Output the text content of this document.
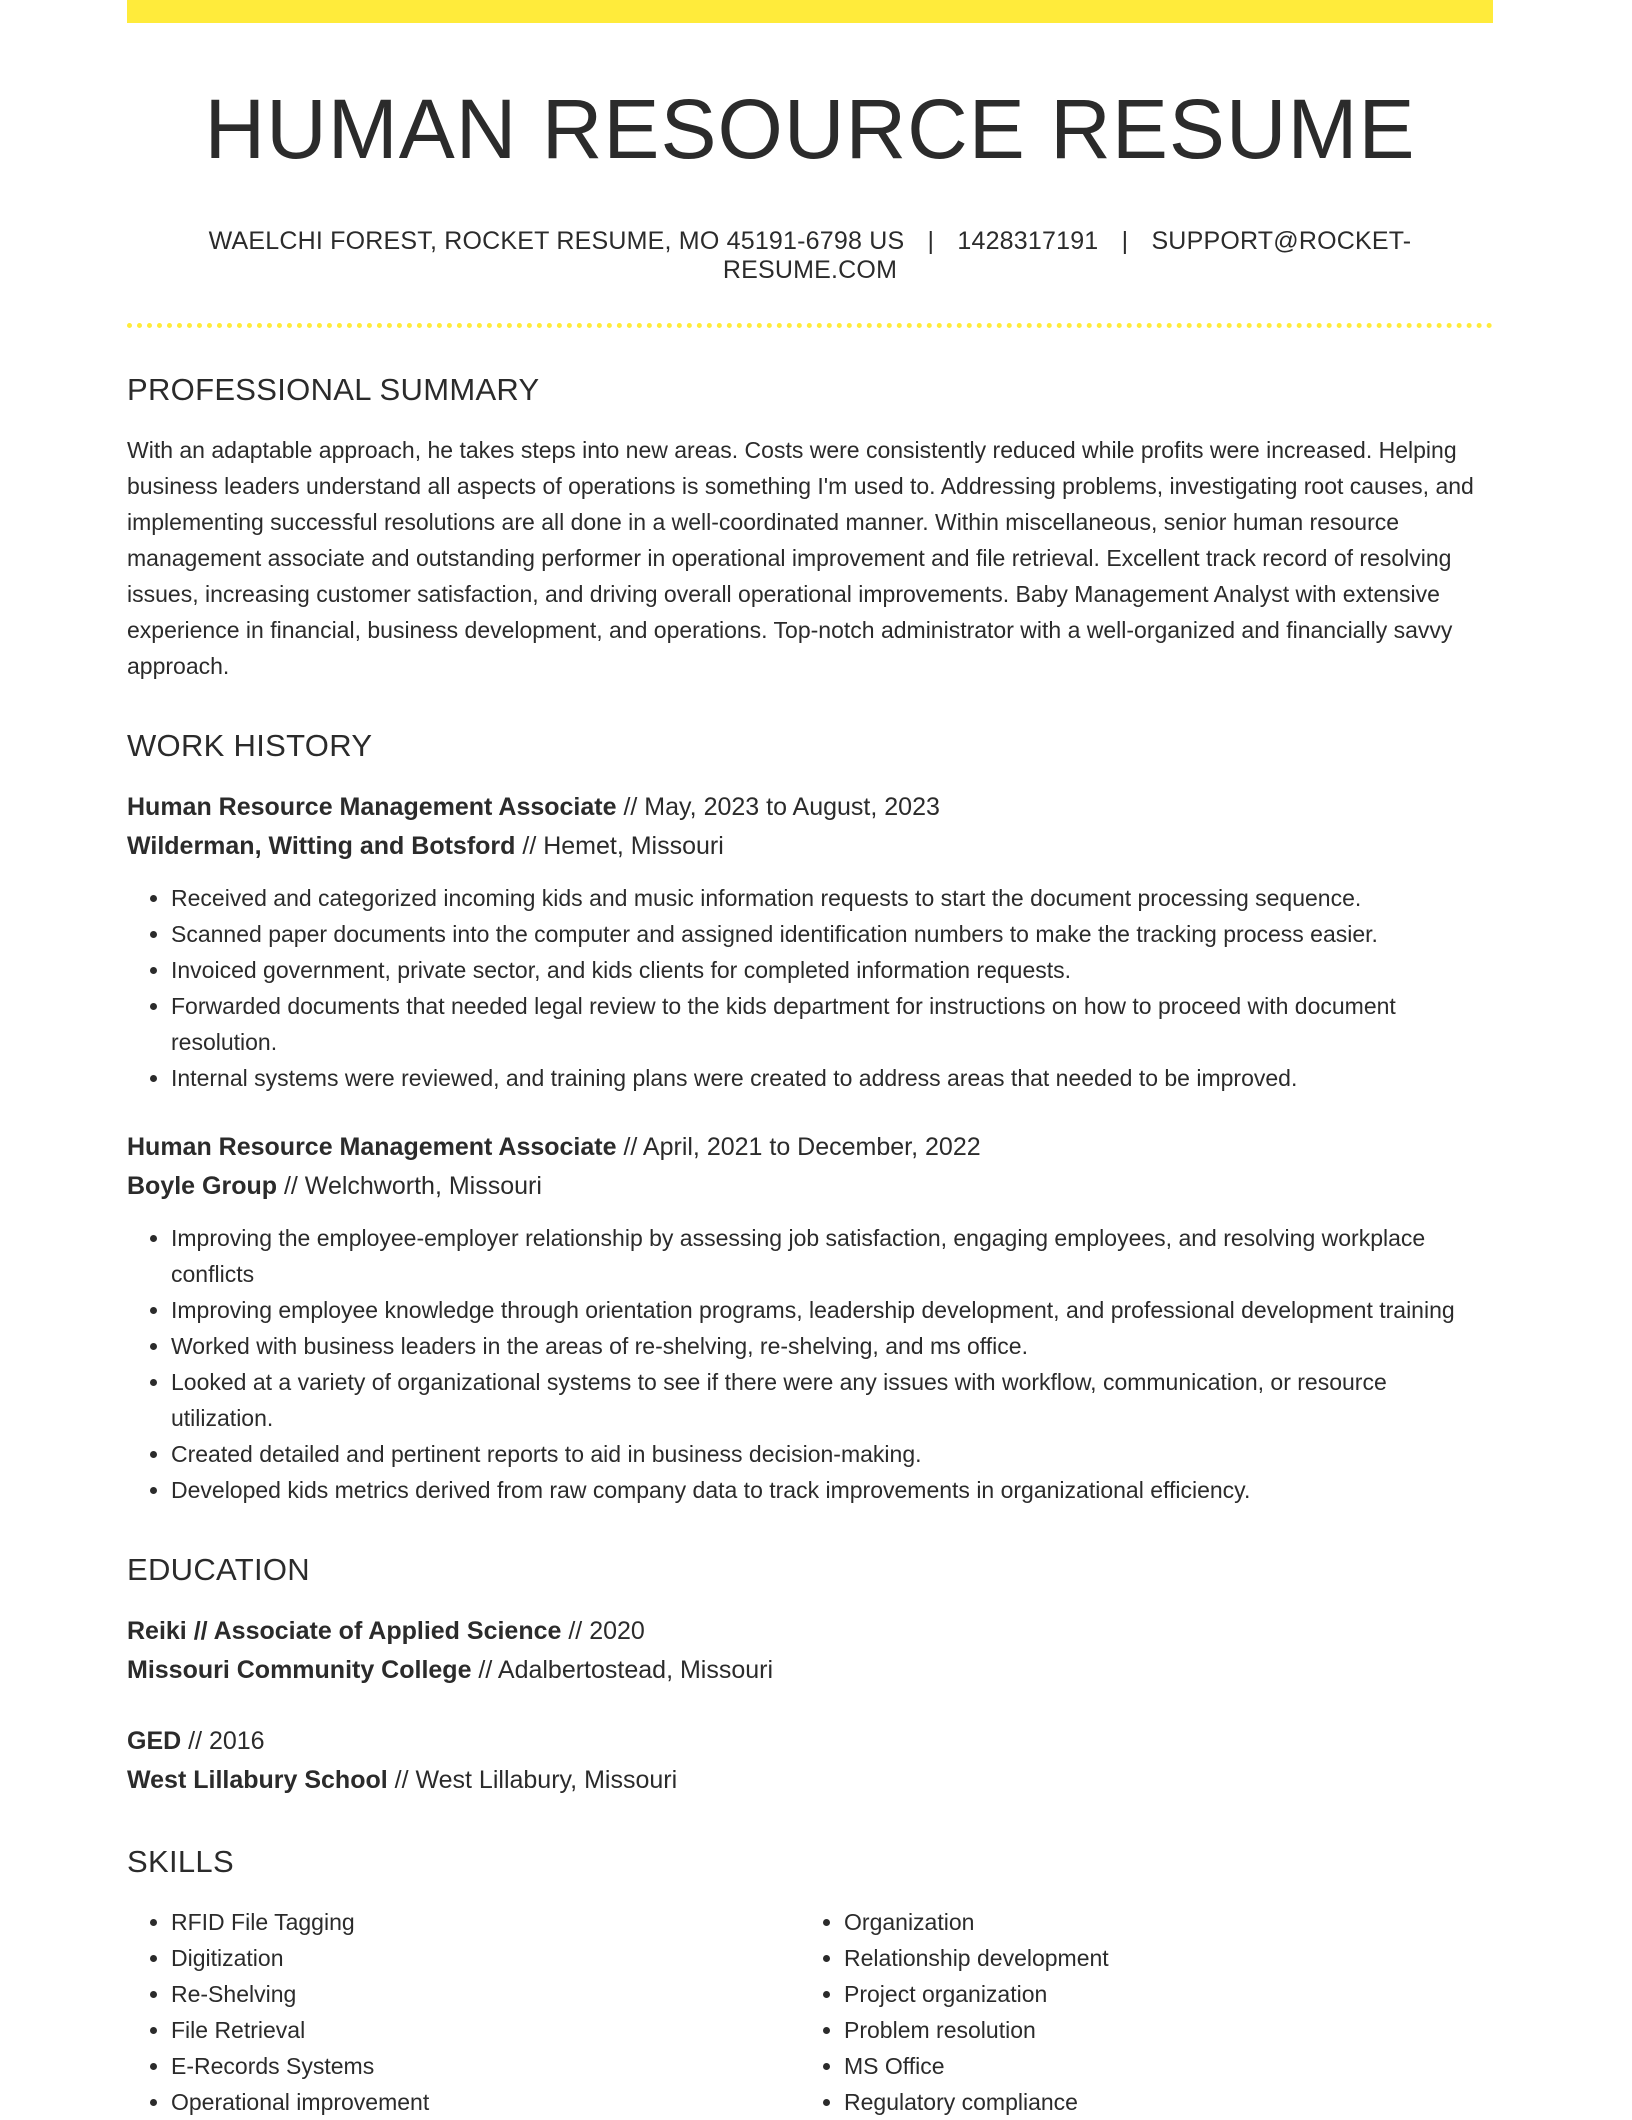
HUMAN RESOURCE RESUME
WAELCHI FOREST, ROCKET RESUME, MO 45191-6798 US | 1428317191 | SUPPORT@ROCKET-RESUME.COM
PROFESSIONAL SUMMARY

With an adaptable approach, he takes steps into new areas. Costs were consistently reduced while profits were increased. Helping business leaders understand all aspects of operations is something I'm used to. Addressing problems, investigating root causes, and implementing successful resolutions are all done in a well-coordinated manner. Within miscellaneous, senior human resource management associate and outstanding performer in operational improvement and file retrieval. Excellent track record of resolving issues, increasing customer satisfaction, and driving overall operational improvements. Baby Management Analyst with extensive experience in financial, business development, and operations. Top-notch administrator with a well-organized and financially savvy approach.

WORK HISTORY
Human Resource Management Associate // May, 2023 to August, 2023
Wilderman, Witting and Botsford // Hemet, Missouri
• Received and categorized incoming kids and music information requests to start the document processing sequence.
• Scanned paper documents into the computer and assigned identification numbers to make the tracking process easier.
• Invoiced government, private sector, and kids clients for completed information requests.
• Forwarded documents that needed legal review to the kids department for instructions on how to proceed with document resolution.
• Internal systems were reviewed, and training plans were created to address areas that needed to be improved.
Human Resource Management Associate // April, 2021 to December, 2022
Boyle Group // Welchworth, Missouri
• Improving the employee-employer relationship by assessing job satisfaction, engaging employees, and resolving workplace conflicts
• Improving employee knowledge through orientation programs, leadership development, and professional development training
• Worked with business leaders in the areas of re-shelving, re-shelving, and ms office.
• Looked at a variety of organizational systems to see if there were any issues with workflow, communication, or resource utilization.
• Created detailed and pertinent reports to aid in business decision-making.
• Developed kids metrics derived from raw company data to track improvements in organizational efficiency.
EDUCATION
Reiki // Associate of Applied Science // 2020
Missouri Community College // Adalbertostead, Missouri
GED // 2016
West Lillabury School // West Lillabury, Missouri
SKILLS
• RFID File Tagging
• Digitization
• Re-Shelving
• File Retrieval
• E-Records Systems
• Operational improvement
• Organization
• Relationship development
• Project organization
• Problem resolution
• MS Office
• Regulatory compliance
